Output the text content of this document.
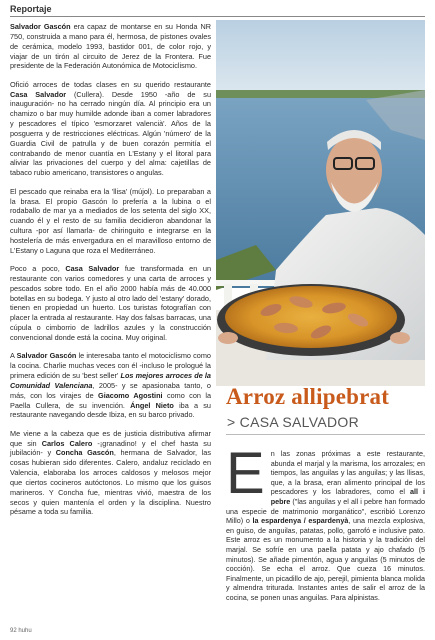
Reportaje

Salvador Gascón era capaz de montarse en su Honda NR 750, construida a mano para él, hermosa, de pistones ovales de cerámica, modelo 1993, bastidor 001, de color rojo, y viajar de un tirón al circuito de Jerez de la Frontera. Fue presidente de la Federación Autonómica de Motociclismo.

Ofició arroces de todas clases en su querido restaurante Casa Salvador (Cullera). Desde 1950 -año de su inauguración- no ha cerrado ningún día. Al principio era un chamizo o bar muy humilde adonde iban a comer labradores y pescadores el típico 'esmorzaret valencià'. Años de la posguerra y de restricciones eléctricas. Algún 'número' de la Guardia Civil de patrulla y de buen corazón permitía el contrabando de menor cuantía en L'Estany y el litoral para aliviar las privaciones del cuerpo y del alma: cajetillas de tabaco rubio americano, transistores o angulas.

El pescado que reinaba era la 'llisa' (mújol). Lo preparaban a la brasa. El propio Gascón lo prefería a la lubina o el rodaballo de mar ya a mediados de los setenta del siglo XX, cuando él y el resto de su familia decidieron abandonar la cultura -por así llamarla- de chiringuito e integrarse en la hostelería de más envergadura en el maravilloso entorno de L'Estany o Laguna que roza el Mediterráneo.

Poco a poco, Casa Salvador fue transformada en un restaurante con varios comedores y una carta de arroces y pescados sobre todo. En el año 2000 había más de 40.000 botellas en su bodega. Y justo al otro lado del 'estany' dorado, tienen en propiedad un huerto. Los turistas fotografían con placer la entrada al restaurante. Hay dos falsas barracas, una cúpula o cimborrio de ladrillos azules y la construcción convencional donde está la cocina. Muy original.

A Salvador Gascón le interesaba tanto el motociclismo como la cocina. Charlie muchas veces con él -incluso le prologué la primera edición de su 'best seller' Los mejores arroces de la Comunidad Valenciana, 2005- y se apasionaba tanto, o más, con los virajes de Giacomo Agostini como con la Paella Cullera, de su invención. Ángel Nieto iba a su restaurante navegando desde Ibiza, en su barco privado.

Me viene a la cabeza que es de justicia distributiva afirmar que sin Carlos Calero -¡granadino! y el chef hasta su jubilación- y Concha Gascón, hermana de Salvador, las cosas hubieran sido diferentes. Calero, andaluz reciclado en Valencia, elaboraba los arroces caldosos y melosos mejor que ciertos cocineros autóctonos. Lo mismo que los guisos marineros. Y Concha fue, mientras vivió, maestra de los secos y quien mantenía el orden y la disciplina. Nuestro pésame a toda su familia.

Arroz allipebrat
> CASA SALVADOR
En las zonas próximas a este restaurante, abunda el marjal y la marisma, los arrozales; en tiempos, las anguilas y las anguilas; y las llisas, que, a la brasa, eran alimento principal de los pescadores y los labradores, como el all i pebre ("las anguilas y el all i pebre han formado una especie de matrimonio morganático", escribió Lorenzo Millo) o la espardenya / espardenyà, una mezcla explosiva, en guiso, de anguilas, patatas, pollo, garrofó e inclusive pato. Este arroz es un monumento a la historia y la tradición del marjal. Se sofríe en una paella patata y ajo chafado (5 minutos). Se añade pimentón, agua y anguilas (5 minutos de cocción). Se echa el arroz. Que cueza 16 minutos. Finalmente, un picadillo de ajo, perejil, pimienta blanca molida y almendra triturada. Instantes antes de salir el arroz de la cocina, se ponen unas anguilas. Para alpinistas.
92 huhu
